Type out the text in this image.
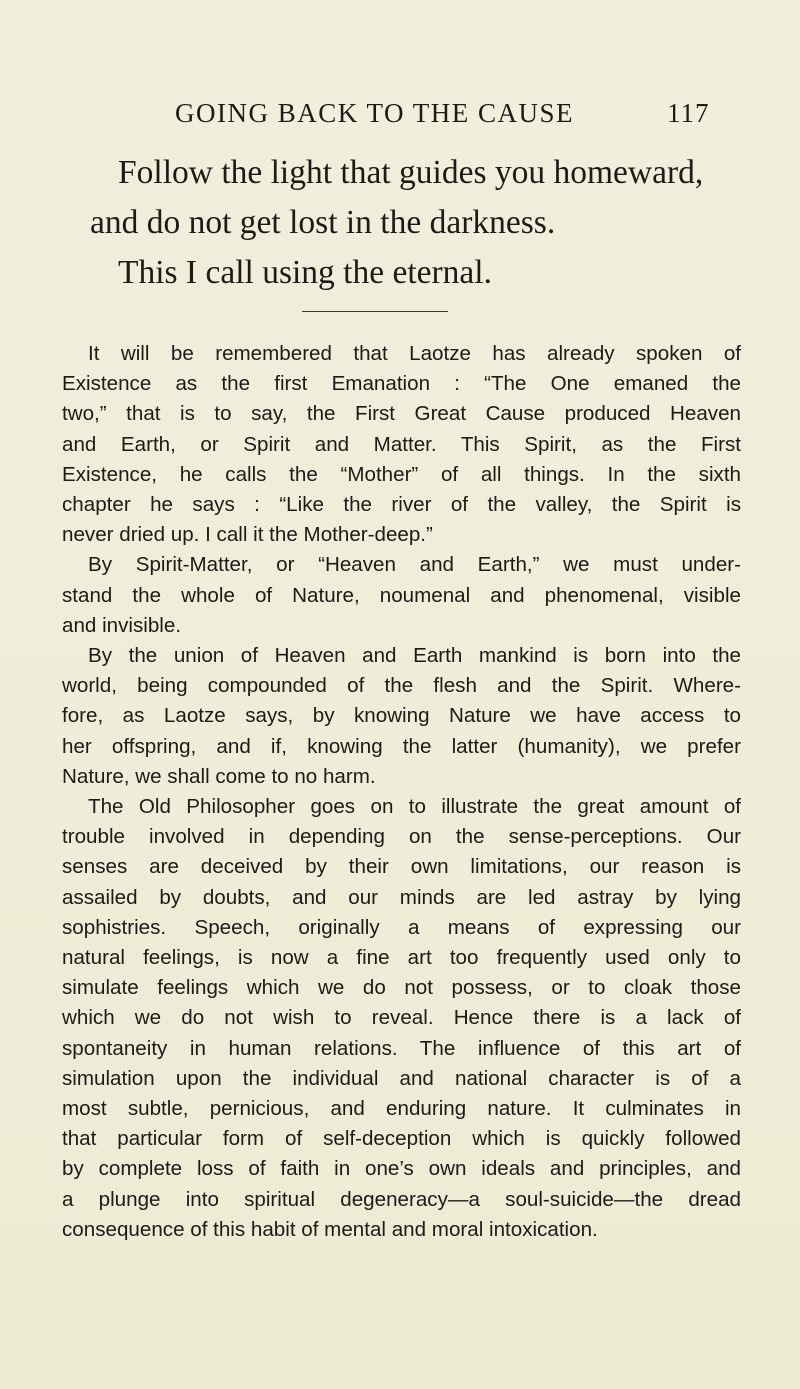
GOING BACK TO THE CAUSE	117
Follow the light that guides you homeward,
and do not get lost in the darkness.
This I call using the eternal.

It will be remembered that Laotze has already spoken of
Existence as the first Emanation : “The One emaned the
two,” that is to say, the First Great Cause produced Heaven
and Earth, or Spirit and Matter. This Spirit, as the First
Existence, he calls the “Mother” of all things. In the sixth
chapter he says : “Like the river of the valley, the Spirit is
never dried up. I call it the Mother-deep.”

By Spirit-Matter, or “Heaven and Earth,” we must under-
stand the whole of Nature, noumenal and phenomenal, visible
and invisible.

By the union of Heaven and Earth mankind is born into the
world, being compounded of the flesh and the Spirit. Where-
fore, as Laotze says, by knowing Nature we have access to
her offspring, and if, knowing the latter (humanity), we prefer
Nature, we shall come to no harm.

The Old Philosopher goes on to illustrate the great amount of
trouble involved in depending on the sense-perceptions. Our
senses are deceived by their own limitations, our reason is
assailed by doubts, and our minds are led astray by lying
sophistries. Speech, originally a means of expressing our
natural feelings, is now a fine art too frequently used only to
simulate feelings which we do not possess, or to cloak those
which we do not wish to reveal. Hence there is a lack of
spontaneity in human relations. The influence of this art of
simulation upon the individual and national character is of a
most subtle, pernicious, and enduring nature. It culminates in
that particular form of self-deception which is quickly followed
by complete loss of faith in one’s own ideals and principles, and
a plunge into spiritual degeneracy—a soul-suicide—the dread
consequence of this habit of mental and moral intoxication.
